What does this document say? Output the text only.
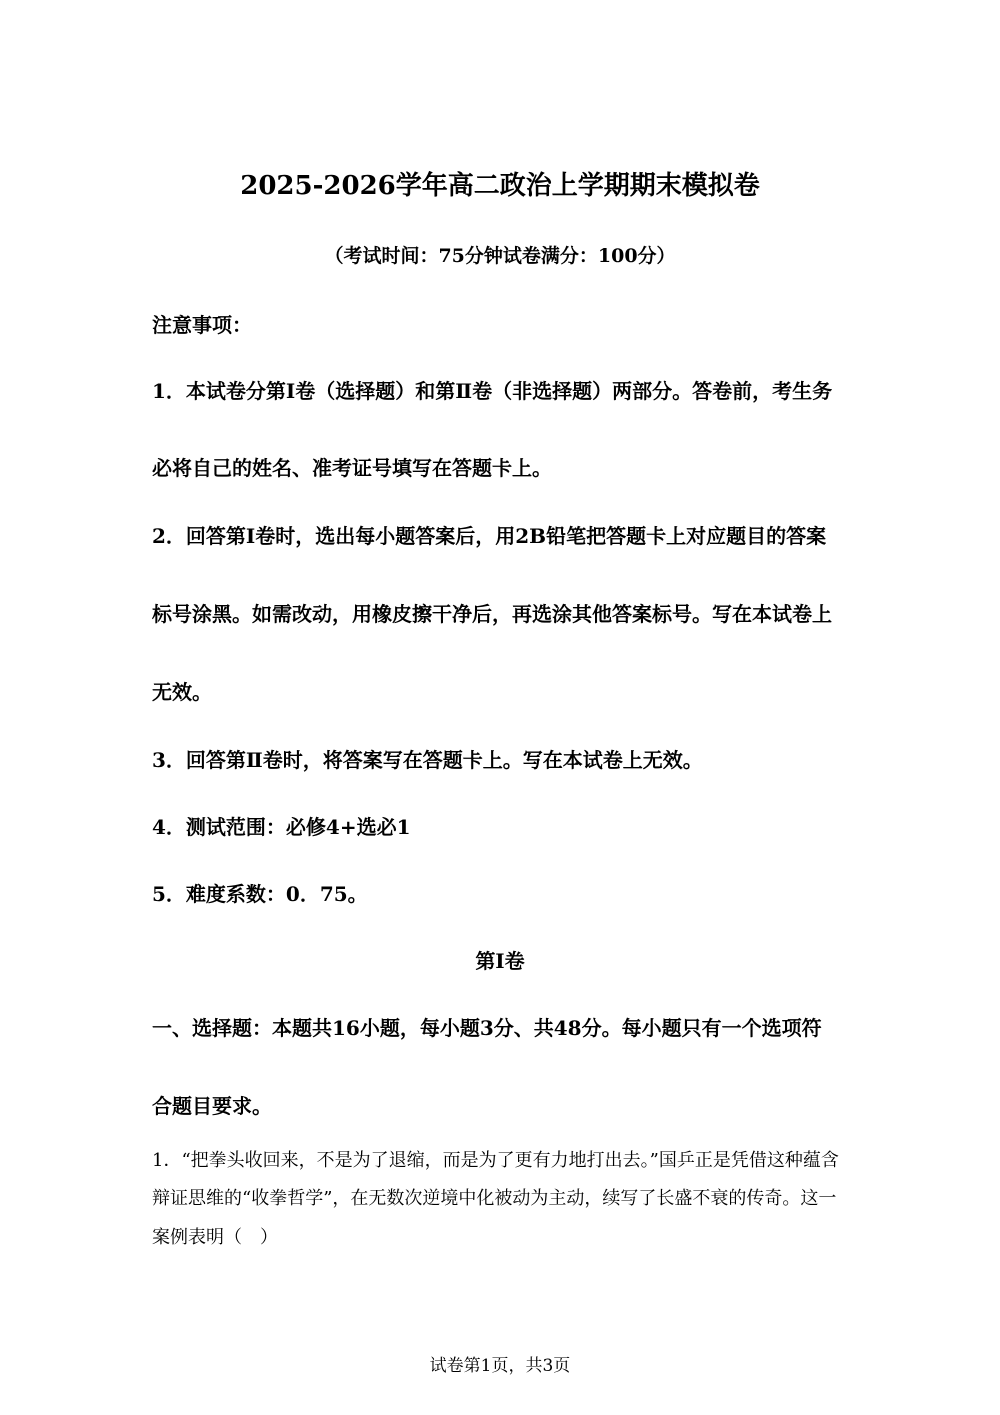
2025-2026学年高二政治上学期期末模拟卷
（考试时间：75分钟试卷满分：100分）
注意事项：
1．本试卷分第Ⅰ卷（选择题）和第Ⅱ卷（非选择题）两部分。答卷前，考生务
必将自己的姓名、准考证号填写在答题卡上。
2．回答第Ⅰ卷时，选出每小题答案后，用2B铅笔把答题卡上对应题目的答案
标号涂黑。如需改动，用橡皮擦干净后，再选涂其他答案标号。写在本试卷上
无效。
3．回答第Ⅱ卷时，将答案写在答题卡上。写在本试卷上无效。
4．测试范围：必修4+选必1
5．难度系数：0．75。
第Ⅰ卷
一、选择题：本题共16小题，每小题3分、共48分。每小题只有一个选项符
合题目要求。
1．“把拳头收回来，不是为了退缩，而是为了更有力地打出去。”国乒正是凭借这种蕴含
辩证思维的“收拳哲学”，在无数次逆境中化被动为主动，续写了长盛不衰的传奇。这一
案例表明（　）
试卷第1页，共3页
